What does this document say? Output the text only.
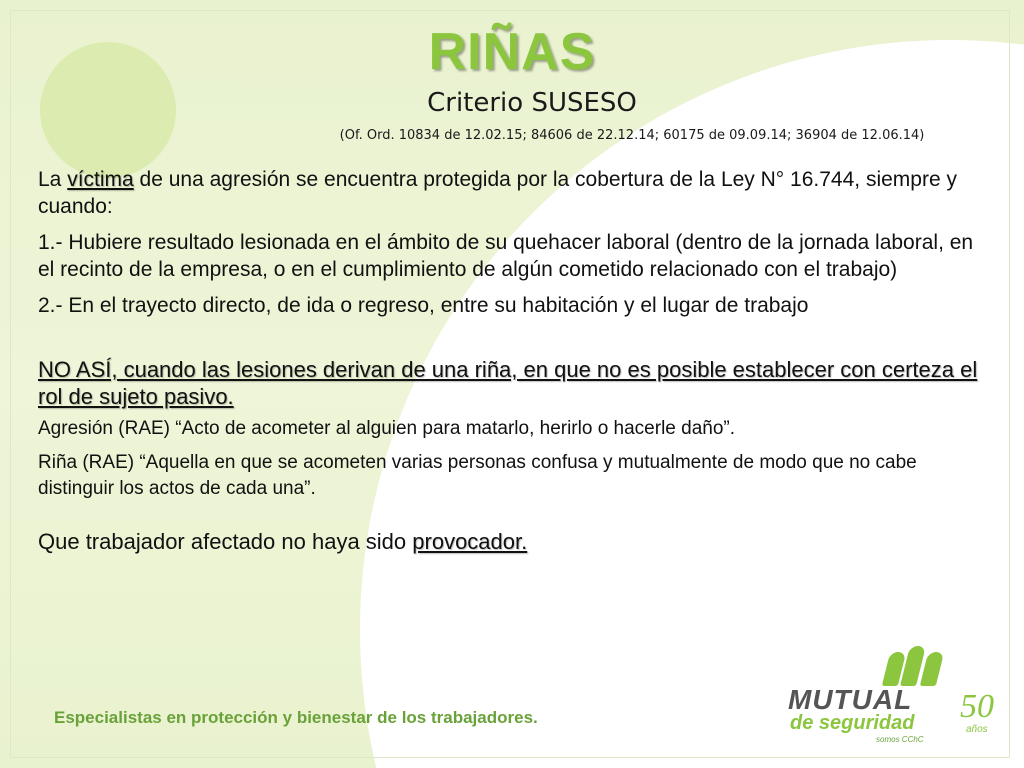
RIÑAS
Criterio SUSESO
(Of. Ord. 10834 de 12.02.15; 84606 de 22.12.14; 60175 de 09.09.14; 36904 de 12.06.14)

La víctima de una agresión se encuentra protegida por la cobertura de la Ley N° 16.744, siempre y cuando:

1.- Hubiere resultado lesionada en el ámbito de su quehacer laboral (dentro de la jornada laboral, en el recinto de la empresa, o en el cumplimiento de algún cometido relacionado con el trabajo)

2.- En el trayecto directo, de ida o regreso, entre su habitación y el lugar de trabajo

NO ASÍ, cuando las lesiones derivan de una riña, en que no es posible establecer con certeza el rol de sujeto pasivo.

Agresión (RAE) “Acto de acometer al alguien para matarlo, herirlo o hacerle daño”.

Riña (RAE) “Aquella en que se acometen varias personas confusa y mutualmente de modo que no cabe distinguir los actos de cada una”.

Que trabajador afectado no haya sido provocador.

Especialistas en protección y bienestar de los trabajadores.
MUTUAL
de seguridad
somos CChC
50
años
